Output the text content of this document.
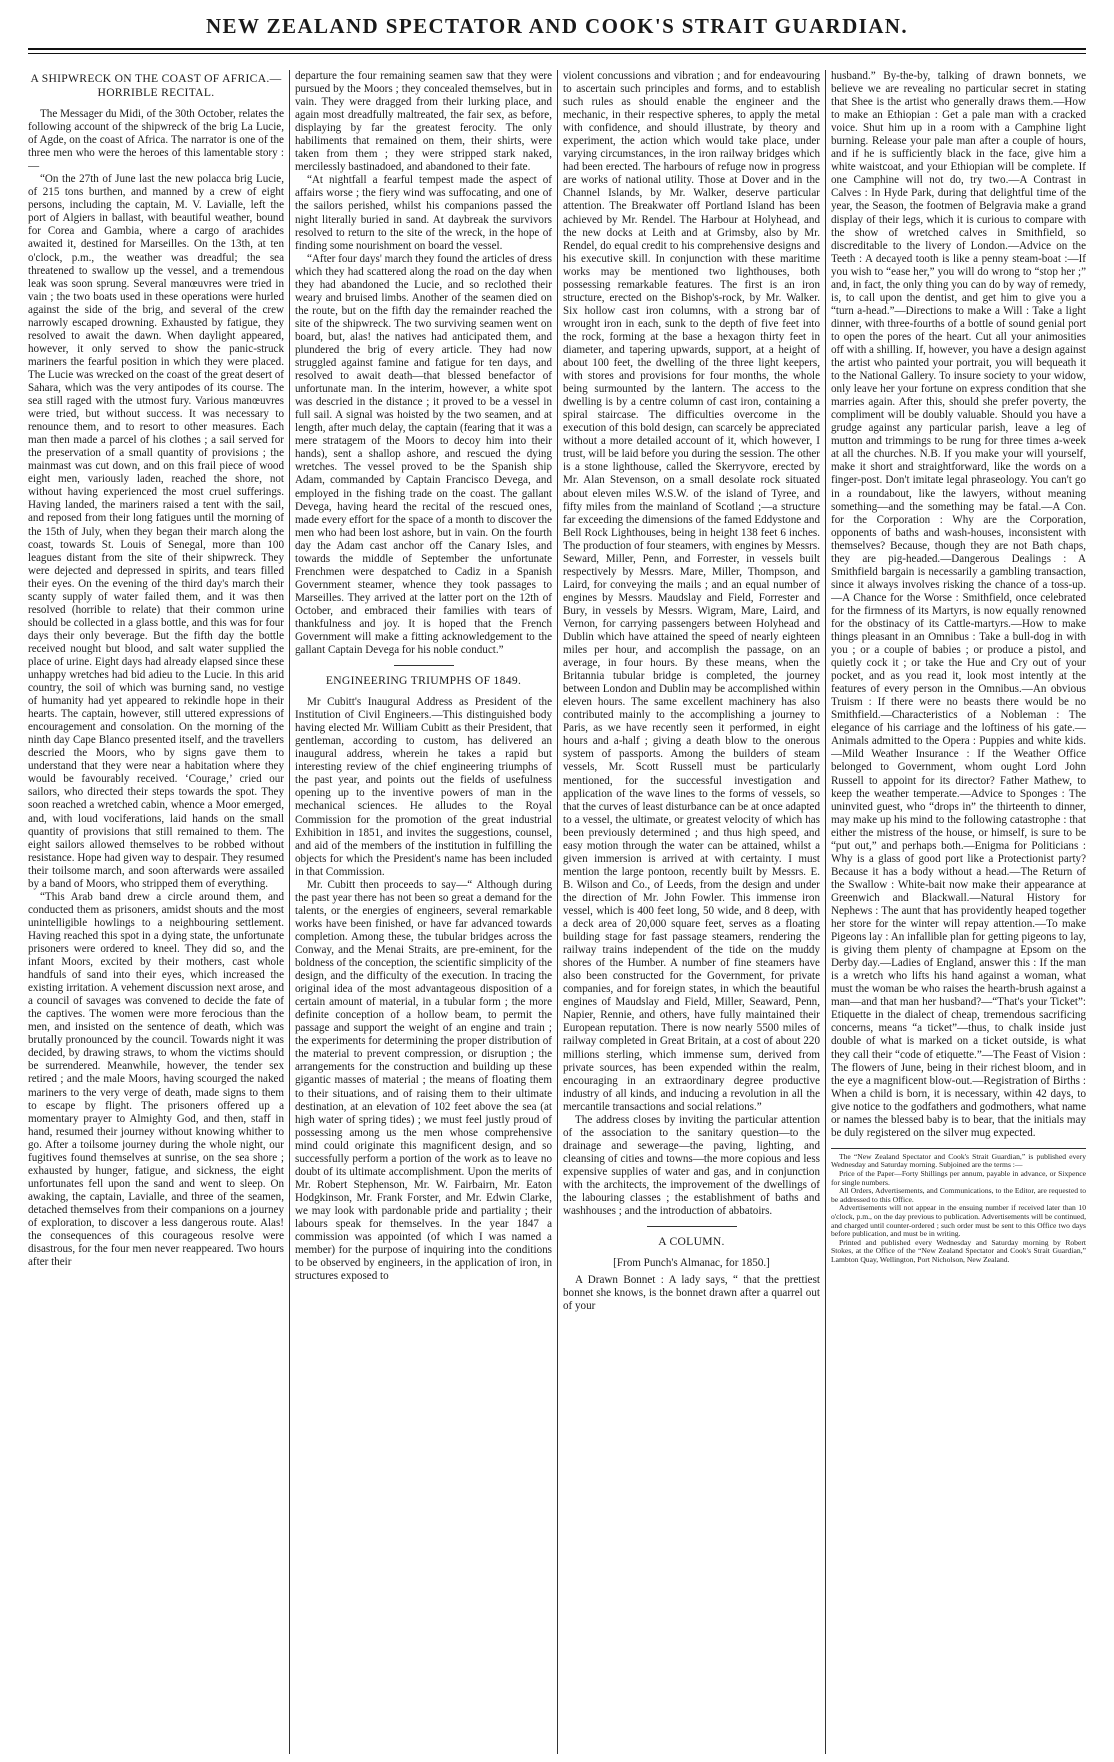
NEW ZEALAND SPECTATOR AND COOK'S STRAIT GUARDIAN.
A SHIPWRECK ON THE COAST OF AFRICA.—HORRIBLE RECITAL.

The Messager du Midi, of the 30th October, relates the following account of the shipwreck of the brig La Lucie, of Agde, on the coast of Africa. The narrator is one of the three men who were the heroes of this lamentable story :—

“On the 27th of June last the new polacca brig Lucie, of 215 tons burthen, and manned by a crew of eight persons, including the captain, M. V. Lavialle, left the port of Algiers in ballast, with beautiful weather, bound for Corea and Gambia, where a cargo of arachides awaited it, destined for Marseilles. On the 13th, at ten o'clock, p.m., the weather was dreadful; the sea threatened to swallow up the vessel, and a tremendous leak was soon sprung. Several manœuvres were tried in vain ; the two boats used in these operations were hurled against the side of the brig, and several of the crew narrowly escaped drowning. Exhausted by fatigue, they resolved to await the dawn. When daylight appeared, however, it only served to show the panic-struck mariners the fearful position in which they were placed. The Lucie was wrecked on the coast of the great desert of Sahara, which was the very antipodes of its course. The sea still raged with the utmost fury. Various manœuvres were tried, but without success. It was necessary to renounce them, and to resort to other measures. Each man then made a parcel of his clothes ; a sail served for the preservation of a small quantity of provisions ; the mainmast was cut down, and on this frail piece of wood eight men, variously laden, reached the shore, not without having experienced the most cruel sufferings. Having landed, the mariners raised a tent with the sail, and reposed from their long fatigues until the morning of the 15th of July, when they began their march along the coast, towards St. Louis of Senegal, more than 100 leagues distant from the site of their shipwreck. They were dejected and depressed in spirits, and tears filled their eyes. On the evening of the third day's march their scanty supply of water failed them, and it was then resolved (horrible to relate) that their common urine should be collected in a glass bottle, and this was for four days their only beverage. But the fifth day the bottle received nought but blood, and salt water supplied the place of urine. Eight days had already elapsed since these unhappy wretches had bid adieu to the Lucie. In this arid country, the soil of which was burning sand, no vestige of humanity had yet appeared to rekindle hope in their hearts. The captain, however, still uttered expressions of encouragement and consolation. On the morning of the ninth day Cape Blanco presented itself, and the travellers descried the Moors, who by signs gave them to understand that they were near a habitation where they would be favourably received. ‘Courage,’ cried our sailors, who directed their steps towards the spot. They soon reached a wretched cabin, whence a Moor emerged, and, with loud vociferations, laid hands on the small quantity of provisions that still remained to them. The eight sailors allowed themselves to be robbed without resistance. Hope had given way to despair. They resumed their toilsome march, and soon afterwards were assailed by a band of Moors, who stripped them of everything.

“This Arab band drew a circle around them, and conducted them as prisoners, amidst shouts and the most unintelligible howlings to a neighbouring settlement. Having reached this spot in a dying state, the unfortunate prisoners were ordered to kneel. They did so, and the infant Moors, excited by their mothers, cast whole handfuls of sand into their eyes, which increased the existing irritation. A vehement discussion next arose, and a council of savages was convened to decide the fate of the captives. The women were more ferocious than the men, and insisted on the sentence of death, which was brutally pronounced by the council. Towards night it was decided, by drawing straws, to whom the victims should be surrendered. Meanwhile, however, the tender sex retired ; and the male Moors, having scourged the naked mariners to the very verge of death, made signs to them to escape by flight. The prisoners offered up a momentary prayer to Almighty God, and then, staff in hand, resumed their journey without knowing whither to go. After a toilsome journey during the whole night, our fugitives found themselves at sunrise, on the sea shore ; exhausted by hunger, fatigue, and sickness, the eight unfortunates fell upon the sand and went to sleep. On awaking, the captain, Lavialle, and three of the seamen, detached themselves from their companions on a journey of exploration, to discover a less dangerous route. Alas! the consequences of this courageous resolve were disastrous, for the four men never reappeared. Two hours after their

departure the four remaining seamen saw that they were pursued by the Moors ; they concealed themselves, but in vain. They were dragged from their lurking place, and again most dreadfully maltreated, the fair sex, as before, displaying by far the greatest ferocity. The only habiliments that remained on them, their shirts, were taken from them ; they were stripped stark naked, mercilessly bastinadoed, and abandoned to their fate.

“At nightfall a fearful tempest made the aspect of affairs worse ; the fiery wind was suffocating, and one of the sailors perished, whilst his companions passed the night literally buried in sand. At daybreak the survivors resolved to return to the site of the wreck, in the hope of finding some nourishment on board the vessel.

“After four days' march they found the articles of dress which they had scattered along the road on the day when they had abandoned the Lucie, and so reclothed their weary and bruised limbs. Another of the seamen died on the route, but on the fifth day the remainder reached the site of the shipwreck. The two surviving seamen went on board, but, alas! the natives had anticipated them, and plundered the brig of every article. They had now struggled against famine and fatigue for ten days, and resolved to await death—that blessed benefactor of unfortunate man. In the interim, however, a white spot was descried in the distance ; it proved to be a vessel in full sail. A signal was hoisted by the two seamen, and at length, after much delay, the captain (fearing that it was a mere stratagem of the Moors to decoy him into their hands), sent a shallop ashore, and rescued the dying wretches. The vessel proved to be the Spanish ship Adam, commanded by Captain Francisco Devega, and employed in the fishing trade on the coast. The gallant Devega, having heard the recital of the rescued ones, made every effort for the space of a month to discover the men who had been lost ashore, but in vain. On the fourth day the Adam cast anchor off the Canary Isles, and towards the middle of September the unfortunate Frenchmen were despatched to Cadiz in a Spanish Government steamer, whence they took passages to Marseilles. They arrived at the latter port on the 12th of October, and embraced their families with tears of thankfulness and joy. It is hoped that the French Government will make a fitting acknowledgement to the gallant Captain Devega for his noble conduct.”

ENGINEERING TRIUMPHS OF 1849.

Mr Cubitt's Inaugural Address as President of the Institution of Civil Engineers.—This distinguished body having elected Mr. William Cubitt as their President, that gentleman, according to custom, has delivered an inaugural address, wherein he takes a rapid but interesting review of the chief engineering triumphs of the past year, and points out the fields of usefulness opening up to the inventive powers of man in the mechanical sciences. He alludes to the Royal Commission for the promotion of the great industrial Exhibition in 1851, and invites the suggestions, counsel, and aid of the members of the institution in fulfilling the objects for which the President's name has been included in that Commission.

Mr. Cubitt then proceeds to say—“ Although during the past year there has not been so great a demand for the talents, or the energies of engineers, several remarkable works have been finished, or have far advanced towards completion. Among these, the tubular bridges across the Conway, and the Menai Straits, are pre-eminent, for the boldness of the conception, the scientific simplicity of the design, and the difficulty of the execution. In tracing the original idea of the most advantageous disposition of a certain amount of material, in a tubular form ; the more definite conception of a hollow beam, to permit the passage and support the weight of an engine and train ; the experiments for determining the proper distribution of the material to prevent compression, or disruption ; the arrangements for the construction and building up these gigantic masses of material ; the means of floating them to their situations, and of raising them to their ultimate destination, at an elevation of 102 feet above the sea (at high water of spring tides) ; we must feel justly proud of possessing among us the men whose comprehensive mind could originate this magnificent design, and so successfully perform a portion of the work as to leave no doubt of its ultimate accomplishment. Upon the merits of Mr. Robert Stephenson, Mr. W. Fairbairn, Mr. Eaton Hodgkinson, Mr. Frank Forster, and Mr. Edwin Clarke, we may look with pardonable pride and partiality ; their labours speak for themselves. In the year 1847 a commission was appointed (of which I was named a member) for the purpose of inquiring into the conditions to be observed by engineers, in the application of iron, in structures exposed to

violent concussions and vibration ; and for endeavouring to ascertain such principles and forms, and to establish such rules as should enable the engineer and the mechanic, in their respective spheres, to apply the metal with confidence, and should illustrate, by theory and experiment, the action which would take place, under varying circumstances, in the iron railway bridges which had been erected. The harbours of refuge now in progress are works of national utility. Those at Dover and in the Channel Islands, by Mr. Walker, deserve particular attention. The Breakwater off Portland Island has been achieved by Mr. Rendel. The Harbour at Holyhead, and the new docks at Leith and at Grimsby, also by Mr. Rendel, do equal credit to his comprehensive designs and his executive skill. In conjunction with these maritime works may be mentioned two lighthouses, both possessing remarkable features. The first is an iron structure, erected on the Bishop's-rock, by Mr. Walker. Six hollow cast iron columns, with a strong bar of wrought iron in each, sunk to the depth of five feet into the rock, forming at the base a hexagon thirty feet in diameter, and tapering upwards, support, at a height of about 100 feet, the dwelling of the three light keepers, with stores and provisions for four months, the whole being surmounted by the lantern. The access to the dwelling is by a centre column of cast iron, containing a spiral staircase. The difficulties overcome in the execution of this bold design, can scarcely be appreciated without a more detailed account of it, which however, I trust, will be laid before you during the session. The other is a stone lighthouse, called the Skerryvore, erected by Mr. Alan Stevenson, on a small desolate rock situated about eleven miles W.S.W. of the island of Tyree, and fifty miles from the mainland of Scotland ;—a structure far exceeding the dimensions of the famed Eddystone and Bell Rock Lighthouses, being in height 138 feet 6 inches. The production of four steamers, with engines by Messrs. Seward, Miller, Penn, and Forrester, in vessels built respectively by Messrs. Mare, Miller, Thompson, and Laird, for conveying the mails ; and an equal number of engines by Messrs. Maudslay and Field, Forrester and Bury, in vessels by Messrs. Wigram, Mare, Laird, and Vernon, for carrying passengers between Holyhead and Dublin which have attained the speed of nearly eighteen miles per hour, and accomplish the passage, on an average, in four hours. By these means, when the Britannia tubular bridge is completed, the journey between London and Dublin may be accomplished within eleven hours. The same excellent machinery has also contributed mainly to the accomplishing a journey to Paris, as we have recently seen it performed, in eight hours and a-half ; giving a death blow to the onerous system of passports. Among the builders of steam vessels, Mr. Scott Russell must be particularly mentioned, for the successful investigation and application of the wave lines to the forms of vessels, so that the curves of least disturbance can be at once adapted to a vessel, the ultimate, or greatest velocity of which has been previously determined ; and thus high speed, and easy motion through the water can be attained, whilst a given immersion is arrived at with certainty. I must mention the large pontoon, recently built by Messrs. E. B. Wilson and Co., of Leeds, from the design and under the direction of Mr. John Fowler. This immense iron vessel, which is 400 feet long, 50 wide, and 8 deep, with a deck area of 20,000 square feet, serves as a floating building stage for fast passage steamers, rendering the railway trains independent of the tide on the muddy shores of the Humber. A number of fine steamers have also been constructed for the Government, for private companies, and for foreign states, in which the beautiful engines of Maudslay and Field, Miller, Seaward, Penn, Napier, Rennie, and others, have fully maintained their European reputation. There is now nearly 5500 miles of railway completed in Great Britain, at a cost of about 220 millions sterling, which immense sum, derived from private sources, has been expended within the realm, encouraging in an extraordinary degree productive industry of all kinds, and inducing a revolution in all the mercantile transactions and social relations.”

The address closes by inviting the particular attention of the association to the sanitary question—to the drainage and sewerage—the paving, lighting, and cleansing of cities and towns—the more copious and less expensive supplies of water and gas, and in conjunction with the architects, the improvement of the dwellings of the labouring classes ; the establishment of baths and washhouses ; and the introduction of abbatoirs.

A COLUMN.
[From Punch's Almanac, for 1850.]

A Drawn Bonnet : A lady says, “ that the prettiest bonnet she knows, is the bonnet drawn after a quarrel out of your

husband.” By-the-by, talking of drawn bonnets, we believe we are revealing no particular secret in stating that Shee is the artist who generally draws them.—How to make an Ethiopian : Get a pale man with a cracked voice. Shut him up in a room with a Camphine light burning. Release your pale man after a couple of hours, and if he is sufficiently black in the face, give him a white waistcoat, and your Ethiopian will be complete. If one Camphine will not do, try two.—A Contrast in Calves : In Hyde Park, during that delightful time of the year, the Season, the footmen of Belgravia make a grand display of their legs, which it is curious to compare with the show of wretched calves in Smithfield, so discreditable to the livery of London.—Advice on the Teeth : A decayed tooth is like a penny steam-boat :—If you wish to “ease her,” you will do wrong to “stop her ;” and, in fact, the only thing you can do by way of remedy, is, to call upon the dentist, and get him to give you a “turn a-head.”—Directions to make a Will : Take a light dinner, with three-fourths of a bottle of sound genial port to open the pores of the heart. Cut all your animosities off with a shilling. If, however, you have a design against the artist who painted your portrait, you will bequeath it to the National Gallery. To insure society to your widow, only leave her your fortune on express condition that she marries again. After this, should she prefer poverty, the compliment will be doubly valuable. Should you have a grudge against any particular parish, leave a leg of mutton and trimmings to be rung for three times a-week at all the churches. N.B. If you make your will yourself, make it short and straightforward, like the words on a finger-post. Don't imitate legal phraseology. You can't go in a roundabout, like the lawyers, without meaning something—and the something may be fatal.—A Con. for the Corporation : Why are the Corporation, opponents of baths and wash-houses, inconsistent with themselves? Because, though they are not Bath chaps, they are pig-headed.—Dangerous Dealings : A Smithfield bargain is necessarily a gambling transaction, since it always involves risking the chance of a toss-up.—A Chance for the Worse : Smithfield, once celebrated for the firmness of its Martyrs, is now equally renowned for the obstinacy of its Cattle-martyrs.—How to make things pleasant in an Omnibus : Take a bull-dog in with you ; or a couple of babies ; or produce a pistol, and quietly cock it ; or take the Hue and Cry out of your pocket, and as you read it, look most intently at the features of every person in the Omnibus.—An obvious Truism : If there were no beasts there would be no Smithfield.—Characteristics of a Nobleman : The elegance of his carriage and the loftiness of his gate.—Animals admitted to the Opera : Puppies and white kids.—Mild Weather Insurance : If the Weather Office belonged to Government, whom ought Lord John Russell to appoint for its director? Father Mathew, to keep the weather temperate.—Advice to Sponges : The uninvited guest, who “drops in” the thirteenth to dinner, may make up his mind to the following catastrophe : that either the mistress of the house, or himself, is sure to be “put out,” and perhaps both.—Enigma for Politicians : Why is a glass of good port like a Protectionist party? Because it has a body without a head.—The Return of the Swallow : White-bait now make their appearance at Greenwich and Blackwall.—Natural History for Nephews : The aunt that has providently heaped together her store for the winter will repay attention.—To make Pigeons lay : An infallible plan for getting pigeons to lay, is giving them plenty of champagne at Epsom on the Derby day.—Ladies of England, answer this : If the man is a wretch who lifts his hand against a woman, what must the woman be who raises the hearth-brush against a man—and that man her husband?—“That's your Ticket”: Etiquette in the dialect of cheap, tremendous sacrificing concerns, means “a ticket”—thus, to chalk inside just double of what is marked on a ticket outside, is what they call their “code of etiquette.”—The Feast of Vision : The flowers of June, being in their richest bloom, and in the eye a magnificent blow-out.—Registration of Births : When a child is born, it is necessary, within 42 days, to give notice to the godfathers and godmothers, what name or names the blessed baby is to bear, that the initials may be duly registered on the silver mug expected.

The “New Zealand Spectator and Cook's Strait Guardian,” is published every Wednesday and Saturday morning. Subjoined are the terms :—

Price of the Paper—Forty Shillings per annum, payable in advance, or Sixpence for single numbers.

All Orders, Advertisements, and Communications, to the Editor, are requested to be addressed to this Office.

Advertisements will not appear in the ensuing number if received later than 10 o'clock, p.m., on the day previous to publication. Advertisements will be continued, and charged until counter-ordered ; such order must be sent to this Office two days before publication, and must be in writing.

Printed and published every Wednesday and Saturday morning by Robert Stokes, at the Office of the “New Zealand Spectator and Cook's Strait Guardian,” Lambton Quay, Wellington, Port Nicholson, New Zealand.
